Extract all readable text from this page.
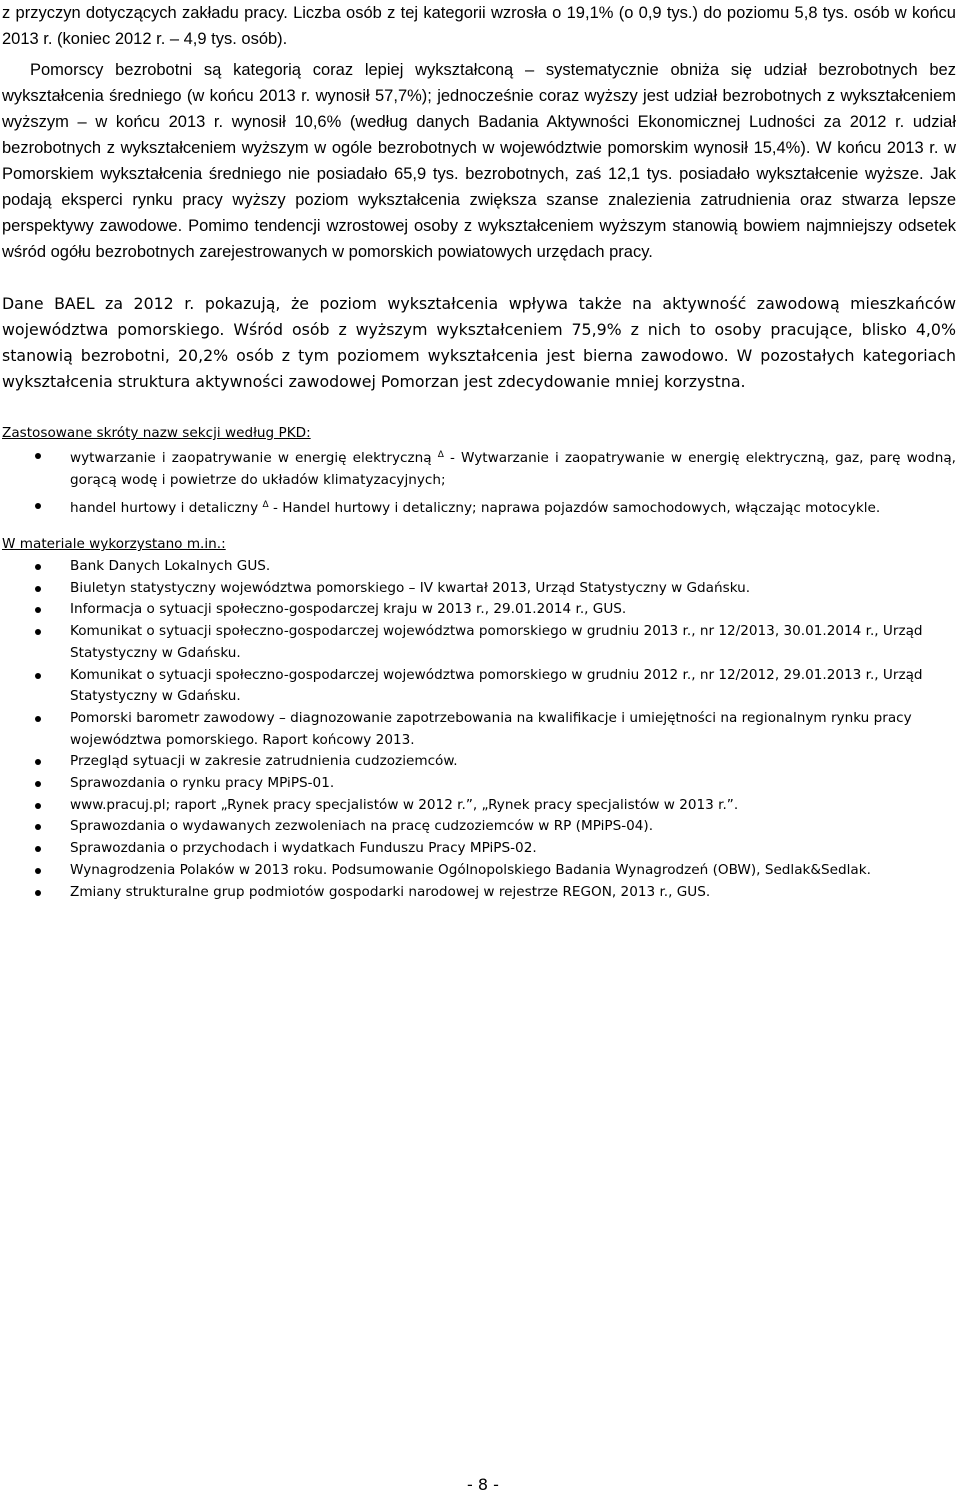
z przyczyn dotyczących zakładu pracy. Liczba osób z tej kategorii wzrosła o 19,1% (o 0,9 tys.) do poziomu 5,8 tys. osób w końcu 2013 r. (koniec 2012 r. – 4,9 tys. osób).

Pomorscy bezrobotni są kategorią coraz lepiej wykształconą – systematycznie obniża się udział bezrobotnych bez wykształcenia średniego (w końcu 2013 r. wynosił 57,7%); jednocześnie coraz wyższy jest udział bezrobotnych z wykształceniem wyższym – w końcu 2013 r. wynosił 10,6% (według danych Badania Aktywności Ekonomicznej Ludności za 2012 r. udział bezrobotnych z wykształceniem wyższym w ogóle bezrobotnych w województwie pomorskim wynosił 15,4%). W końcu 2013 r. w Pomorskiem wykształcenia średniego nie posiadało 65,9 tys. bezrobotnych, zaś 12,1 tys. posiadało wykształcenie wyższe. Jak podają eksperci rynku pracy wyższy poziom wykształcenia zwiększa szanse znalezienia zatrudnienia oraz stwarza lepsze perspektywy zawodowe. Pomimo tendencji wzrostowej osoby z wykształceniem wyższym stanowią bowiem najmniejszy odsetek wśród ogółu bezrobotnych zarejestrowanych w pomorskich powiatowych urzędach pracy.

Dane BAEL za 2012 r. pokazują, że poziom wykształcenia wpływa także na aktywność zawodową mieszkańców województwa pomorskiego. Wśród osób z wyższym wykształceniem 75,9% z nich to osoby pracujące, blisko 4,0% stanowią bezrobotni, 20,2% osób z tym poziomem wykształcenia jest bierna zawodowo. W pozostałych kategoriach wykształcenia struktura aktywności zawodowej Pomorzan jest zdecydowanie mniej korzystna.

Zastosowane skróty nazw sekcji według PKD:

wytwarzanie i zaopatrywanie w energię elektryczną $^\Delta$ - Wytwarzanie i zaopatrywanie w energię elektryczną, gaz, parę wodną, gorącą wodę i powietrze do układów klimatyzacyjnych;
handel hurtowy i detaliczny $^\Delta$ - Handel hurtowy i detaliczny; naprawa pojazdów samochodowych, włączając motocykle.

W materiale wykorzystano m.in.:

Bank Danych Lokalnych GUS.
Biuletyn statystyczny województwa pomorskiego – IV kwartał 2013, Urząd Statystyczny w Gdańsku.
Informacja o sytuacji społeczno-gospodarczej kraju w 2013 r., 29.01.2014 r., GUS.
Komunikat o sytuacji społeczno-gospodarczej województwa pomorskiego w grudniu 2013 r., nr 12/2013, 30.01.2014 r., Urząd Statystyczny w Gdańsku.
Komunikat o sytuacji społeczno-gospodarczej województwa pomorskiego w grudniu 2012 r., nr 12/2012, 29.01.2013 r., Urząd Statystyczny w Gdańsku.
Pomorski barometr zawodowy – diagnozowanie zapotrzebowania na kwalifikacje i umiejętności na regionalnym rynku pracy województwa pomorskiego. Raport końcowy 2013.
Przegląd sytuacji w zakresie zatrudnienia cudzoziemców.
Sprawozdania o rynku pracy MPiPS-01.
www.pracuj.pl; raport „Rynek pracy specjalistów w 2012 r.”, „Rynek pracy specjalistów w 2013 r.”.
Sprawozdania o wydawanych zezwoleniach na pracę cudzoziemców w RP (MPiPS-04).
Sprawozdania o przychodach i wydatkach Funduszu Pracy MPiPS-02.
Wynagrodzenia Polaków w 2013 roku. Podsumowanie Ogólnopolskiego Badania Wynagrodzeń (OBW), Sedlak&Sedlak.
Zmiany strukturalne grup podmiotów gospodarki narodowej w rejestrze REGON, 2013 r., GUS.
- 8 -
